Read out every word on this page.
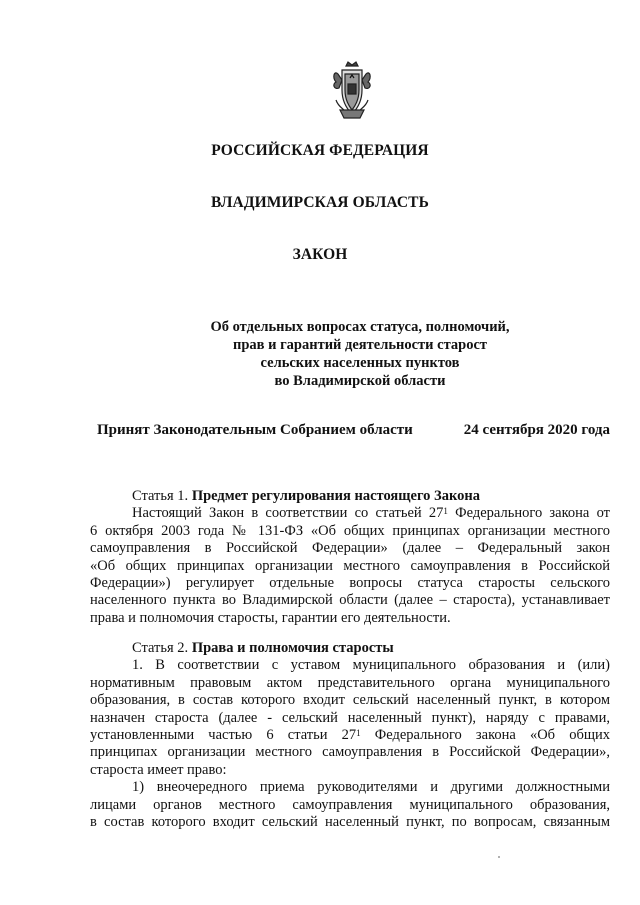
РОССИЙСКАЯ ФЕДЕРАЦИЯ
ВЛАДИМИРСКАЯ ОБЛАСТЬ
ЗАКОН
Об отдельных вопросах статуса, полномочий,
прав и гарантий деятельности старост
сельских населенных пунктов
во Владимирской области
Принят Законодательным Собранием области	24 сентября 2020 года

Статья 1. Предмет регулирования настоящего Закона

Настоящий Закон в соответствии со статьей $27^1$ Федерального закона от
6 октября 2003 года № 131-ФЗ «Об общих принципах организации местного
самоуправления в Российской Федерации» (далее – Федеральный закон
«Об общих принципах организации местного самоуправления в Российской
Федерации») регулирует отдельные вопросы статуса старосты сельского
населенного пункта во Владимирской области (далее – староста), устанавливает
права и полномочия старосты, гарантии его деятельности.

Статья 2. Права и полномочия старосты

1. В соответствии с уставом муниципального образования и (или)
нормативным правовым актом представительного органа муниципального
образования, в состав которого входит сельский населенный пункт, в котором
назначен староста (далее - сельский населенный пункт), наряду с правами,
установленными частью 6 статьи $27^1$ Федерального закона «Об общих
принципах организации местного самоуправления в Российской Федерации»,
староста имеет право:
1) внеочередного приема руководителями и другими должностными
лицами органов местного самоуправления муниципального образования,
в состав которого входит сельский населенный пункт, по вопросам, связанным
